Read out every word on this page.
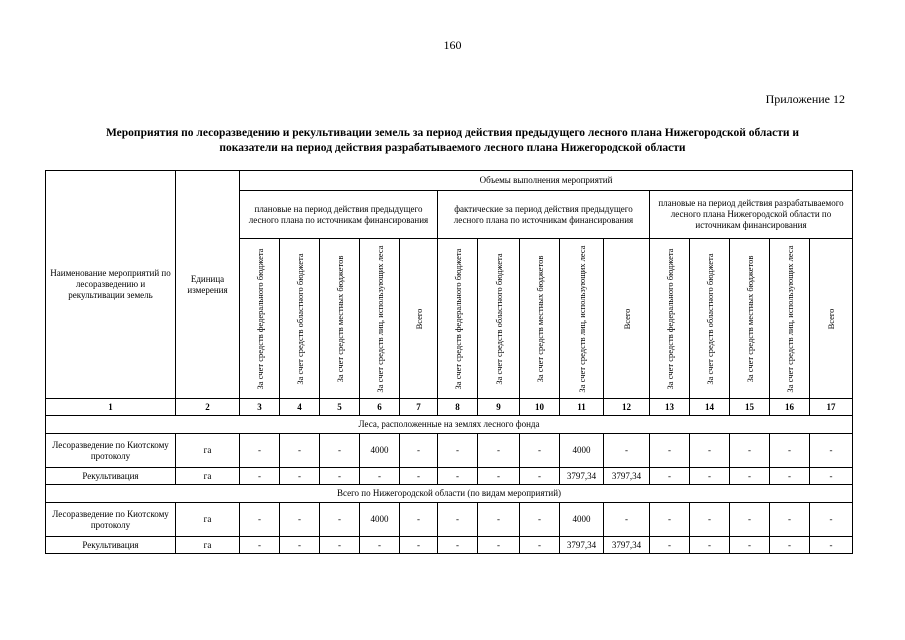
160
Приложение 12
Мероприятия по лесоразведению и рекультивации земель за период действия предыдущего лесного плана Нижегородской области и
показатели на период действия разрабатываемого лесного плана Нижегородской области
Наименование мероприятий по лесоразведению и рекультивации земель	Единица измерения	Объемы выполнения мероприятий														
		плановые на период действия предыдущего лесного плана по источникам финансирования					фактические за период действия предыдущего лесного плана по источникам финансирования					плановые на период действия разрабатываемого лесного плана Нижегородской области по источникам финансирования				

		За счет средств федерального бюджета	За счет средств областного бюджета	За счет средств местных бюджетов	За счет средств лиц, использующих леса	Всего	За счет средств федерального бюджета	За счет средств областного бюджета	За счет средств местных бюджетов	За счет средств лиц, использующих леса	Всего	За счет средств федерального бюджета	За счет средств областного бюджета	За счет средств местных бюджетов	За счет средств лиц, использующих леса	Всего

1	2	3	4	5	6	7	8	9	10	11	12	13	14	15	16	17
Леса, расположенные на землях лесного фонда																
Лесоразведение по Киотскому протоколу	га	-	-	-	4000	-	-	-	-	4000	-	-	-	-	-	-
Рекультивация	га	-	-	-	-	-	-	-	-	3797,34	3797,34	-	-	-	-	-
Всего по Нижегородской области (по видам мероприятий)																
Лесоразведение по Киотскому протоколу	га	-	-	-	4000	-	-	-	-	4000	-	-	-	-	-	-
Рекультивация	га	-	-	-	-	-	-	-	-	3797,34	3797,34	-	-	-	-	-
